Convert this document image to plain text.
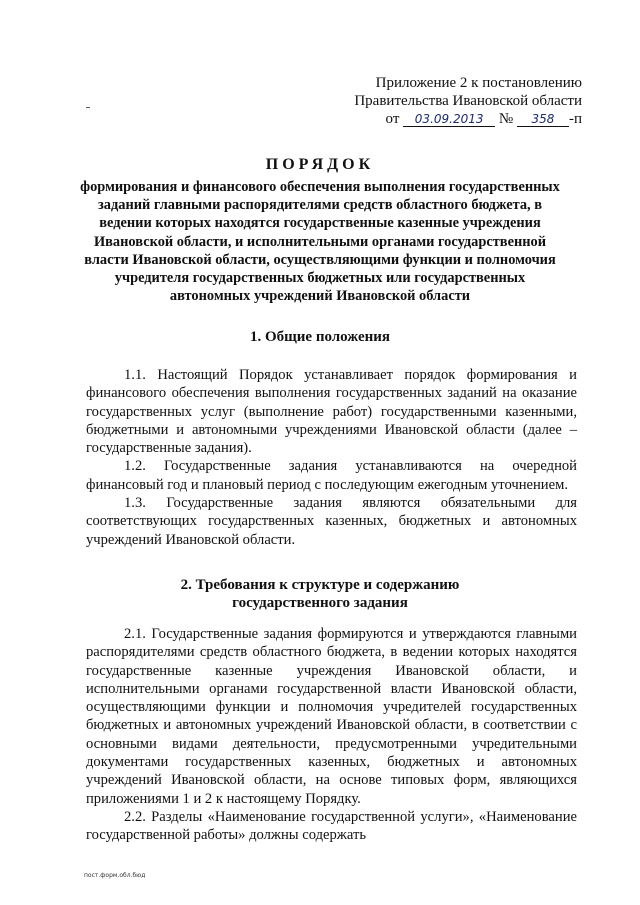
Приложение 2 к постановлению
Правительства Ивановской области
от 03.09.2013 № 358 -п
ПОРЯДОК
формирования и финансового обеспечения выполнения государственных заданий главными распорядителями средств областного бюджета, в ведении которых находятся государственные казенные учреждения Ивановской области, и исполнительными органами государственной власти Ивановской области, осуществляющими функции и полномочия учредителя государственных бюджетных или государственных автономных учреждений Ивановской области
1. Общие положения

1.1. Настоящий Порядок устанавливает порядок формирования и финансового обеспечения выполнения государственных заданий на оказание государственных услуг (выполнение работ) государственными казенными, бюджетными и автономными учреждениями Ивановской области (далее – государственные задания).

1.2. Государственные задания устанавливаются на очередной финансовый год и плановый период с последующим ежегодным уточнением.

1.3. Государственные задания являются обязательными для соответствующих государственных казенных, бюджетных и автономных учреждений Ивановской области.

2. Требования к структуре и содержанию
государственного задания

2.1. Государственные задания формируются и утверждаются главными распорядителями средств областного бюджета, в ведении которых находятся государственные казенные учреждения Ивановской области, и исполнительными органами государственной власти Ивановской области, осуществляющими функции и полномочия учредителей государственных бюджетных и автономных учреждений Ивановской области, в соответствии с основными видами деятельности, предусмотренными учредительными документами государственных казенных, бюджетных и автономных учреждений Ивановской области, на основе типовых форм, являющихся приложениями 1 и 2 к настоящему Порядку.

2.2. Разделы «Наименование государственной услуги», «Наименование государственной работы» должны содержать

пост.форм.обл.бюд
